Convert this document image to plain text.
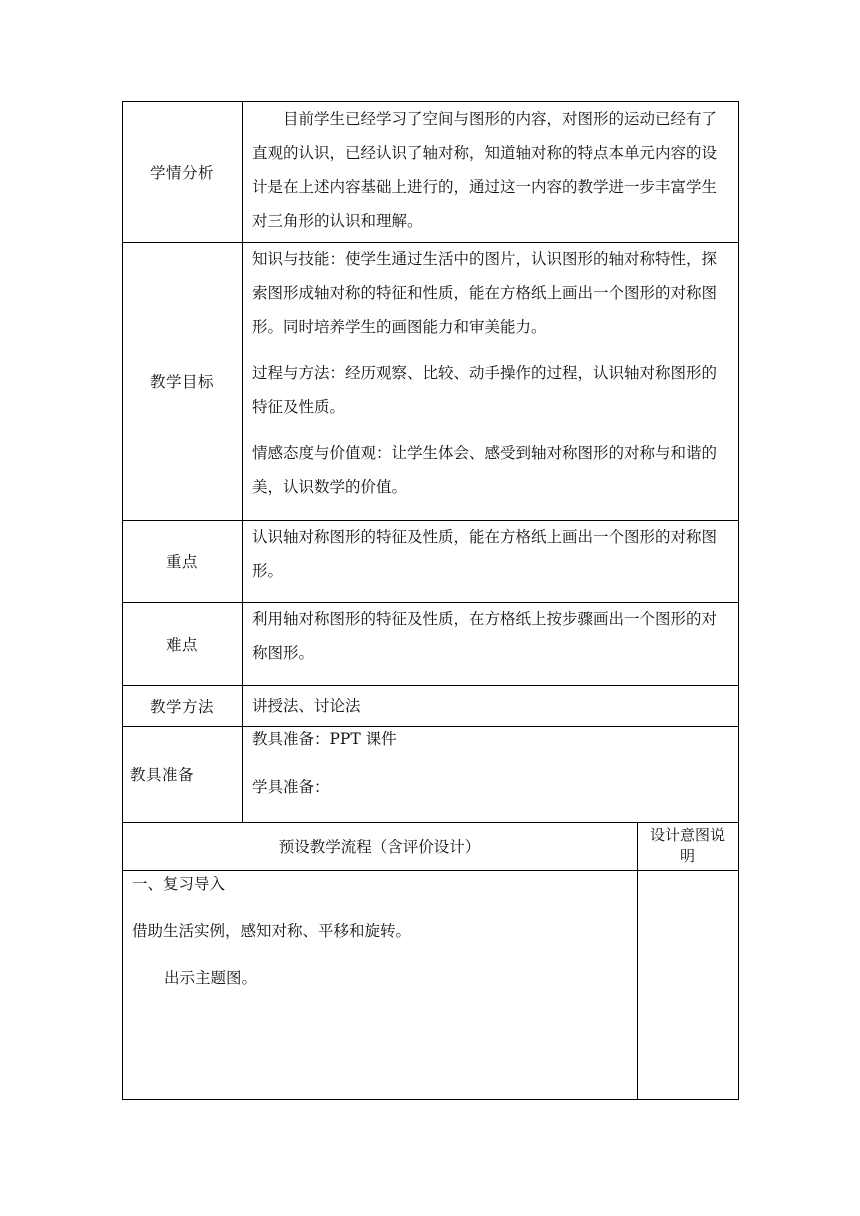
学情分析

目前学生已经学习了空间与图形的内容，对图形的运动已经有了直观的认识，已经认识了轴对称，知道轴对称的特点本单元内容的设计是在上述内容基础上进行的，通过这一内容的教学进一步丰富学生对三角形的认识和理解。

教学目标

知识与技能：使学生通过生活中的图片，认识图形的轴对称特性，探索图形成轴对称的特征和性质，能在方格纸上画出一个图形的对称图形。同时培养学生的画图能力和审美能力。

过程与方法：经历观察、比较、动手操作的过程，认识轴对称图形的特征及性质。

情感态度与价值观：让学生体会、感受到轴对称图形的对称与和谐的美，认识数学的价值。

重点

认识轴对称图形的特征及性质，能在方格纸上画出一个图形的对称图形。

难点

利用轴对称图形的特征及性质，在方格纸上按步骤画出一个图形的对称图形。

教学方法 讲授法、讨论法
教具准备

教具准备：PPT 课件

学具准备：

预设教学流程（含评价设计）
设计意图说明

一、复习导入

借助生活实例，感知对称、平移和旋转。

出示主题图。
